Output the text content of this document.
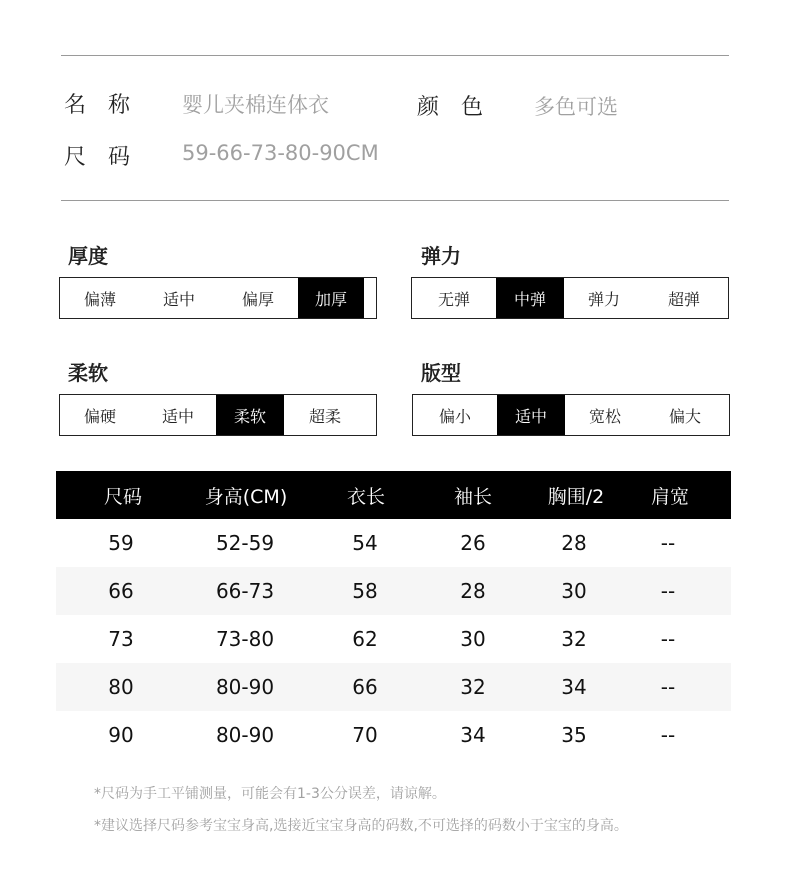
名　称 婴儿夹棉连体衣	颜　色 多色可选
尺　码 59-66-73-80-90CM
厚度
偏薄	适中	偏厚	加厚
弹力
无弹	中弹	弹力	超弹
柔软
偏硬	适中	柔软	超柔
版型
偏小	适中	宽松	偏大
尺码	身高(CM)	衣长	袖长	胸围/2	肩宽
59	52-59	54	26	28	--
66	66-73	58	28	30	--
73	73-80	62	30	32	--
80	80-90	66	32	34	--
90	80-90	70	34	35	--
*尺码为手工平铺测量，可能会有1-3公分误差，请谅解。
*建议选择尺码参考宝宝身高,选接近宝宝身高的码数,不可选择的码数小于宝宝的身高。
